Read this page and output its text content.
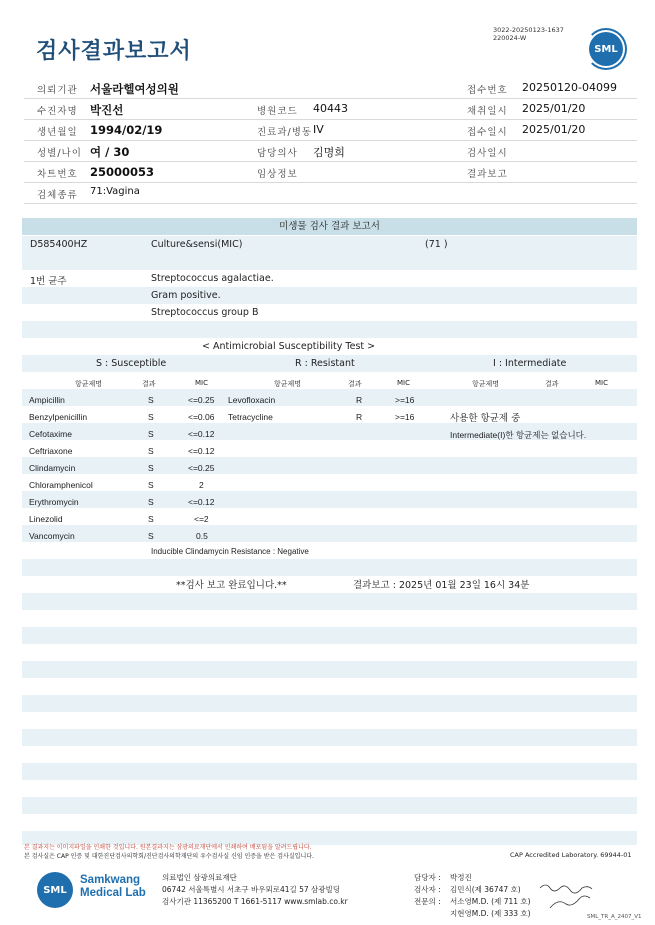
검사결과보고서
3022-20250123-1637
220024-W
SML
의뢰기관 서울라헬여성의원	접수번호 20250120-04099
수진자명 박진선	병원코드 40443	채취일시 2025/01/20
생년월일 1994/02/19	진료과/병동 IV	접수일시 2025/01/20
성별/나이 여 / 30	담당의사 김명희	검사일시
차트번호 25000053	임상정보	결과보고
검체종류 71:Vagina
미생물 검사 결과 보고서
D585400HZ	Culture&sensi(MIC)	(71 )
1번 균주	Streptococcus agalactiae.
Gram positive.
Streptococcus group B
< Antimicrobial Susceptibility Test >
S : Susceptible	R : Resistant	I : Intermediate
항균제명	결과	MIC	항균제명	결과	MIC	항균제명	결과	MIC
Ampicillin	S	<=0.25
Benzylpenicillin	S	<=0.06
Cefotaxime	S	<=0.12
Ceftriaxone	S	<=0.12
Clindamycin	S	<=0.25
Chloramphenicol	S	2
Erythromycin	S	<=0.12
Linezolid	S	<=2
Vancomycin	S	0.5
Levofloxacin	R	>=16
Tetracycline	R	>=16	사용한 항균제 중
Intermediate(I)한 항균제는 없습니다.
Inducible Clindamycin Resistance : Negative
**검사 보고 완료입니다.**	결과보고 : 2025년 01월 23일 16시 34분
본 결과지는 이미지파일을 인쇄한 것입니다. 원본결과지는 삼광의료재단에서 인쇄하여 배포됨을 알려드립니다.
본 검사실은 CAP 인증 및 대한진단검사의학회/진단검사의학재단의 우수검사실 신임 인증을 받은 검사실입니다.	CAP Accredited Laboratory. 69944-01
SML
Samkwang
Medical Lab
의료법인 삼광의료재단
06742 서울특별시 서초구 바우뫼로41길 57 삼광빌딩
검사기관 11365200 T 1661-5117 www.smlab.co.kr
담당자 : 박정진
검사자 : 김민식(제 36747 호)
전문의 : 서소영M.D. (제 711 호)
지현영M.D. (제 333 호)	SML_TR_A_2407_V1
